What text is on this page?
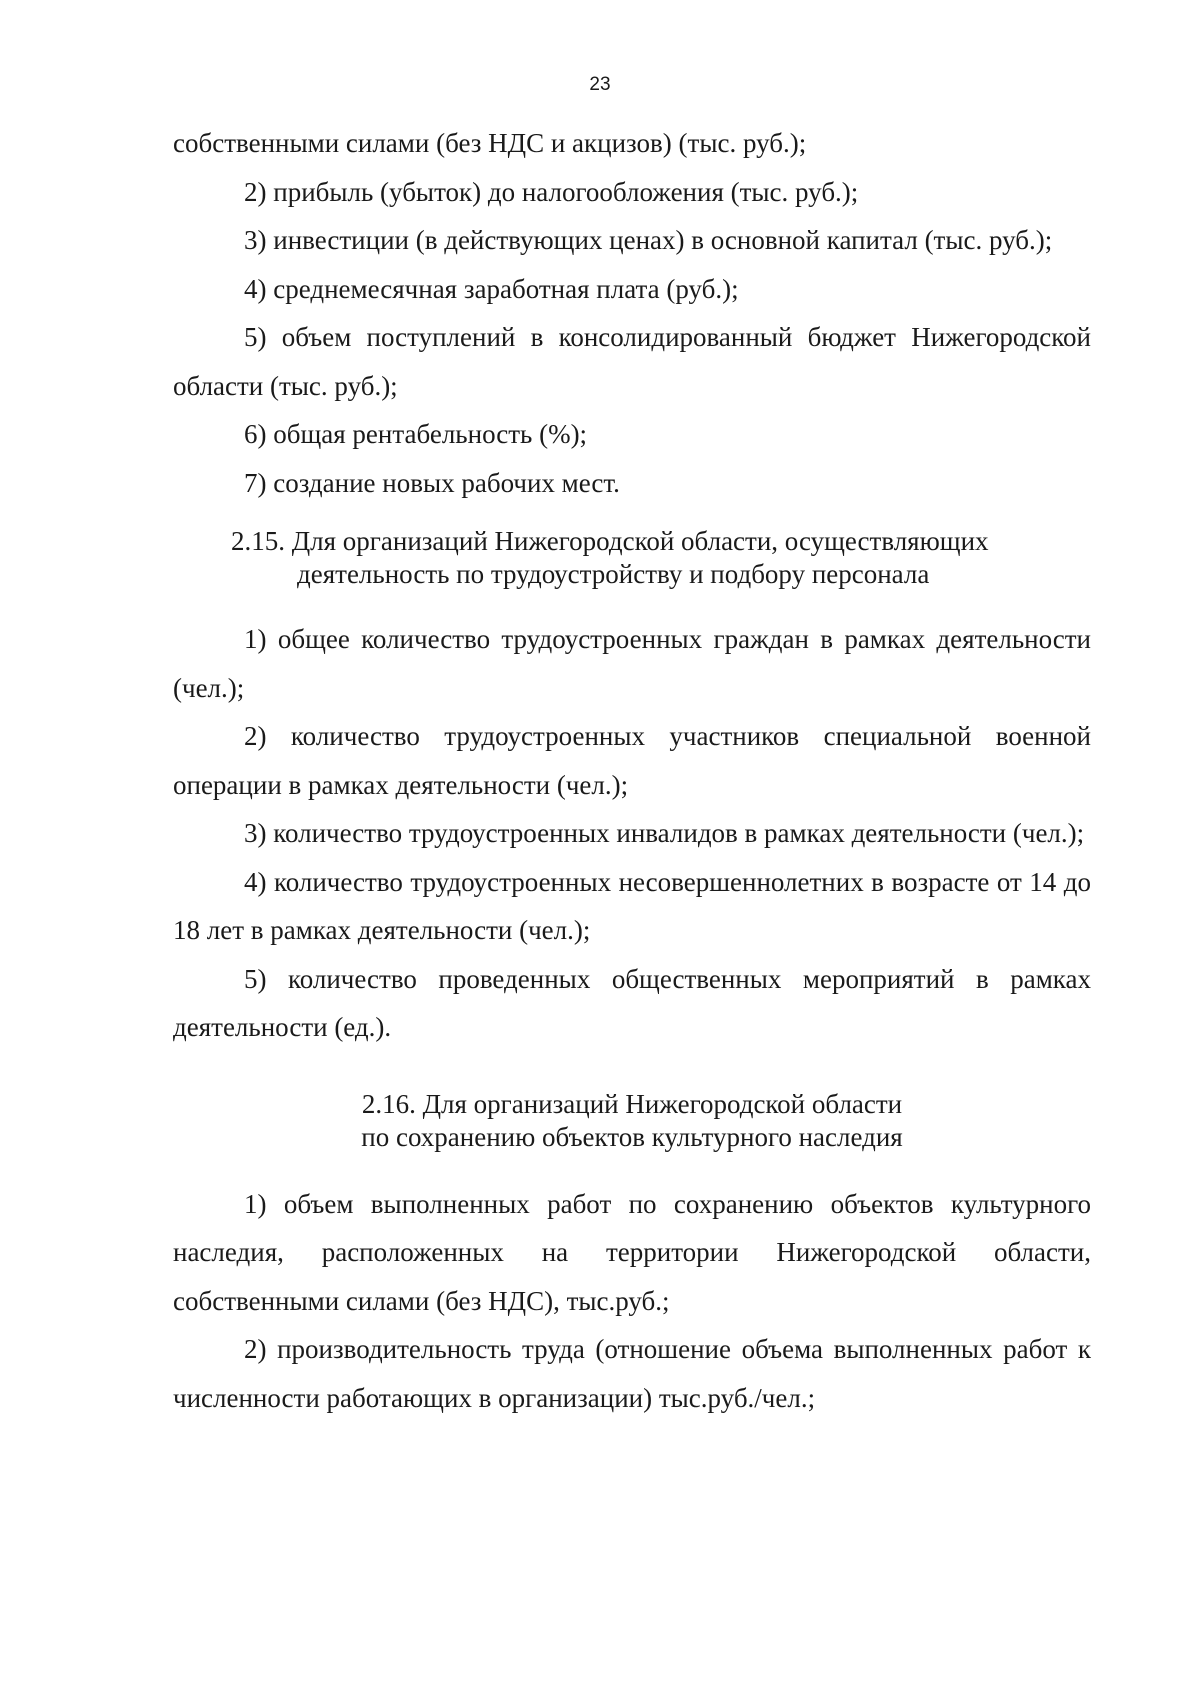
23

собственными силами (без НДС и акцизов) (тыс. руб.);

2) прибыль (убыток) до налогообложения (тыс. руб.);

3) инвестиции (в действующих ценах) в основной капитал (тыс. руб.);

4) среднемесячная заработная плата (руб.);

5) объем поступлений в консолидированный бюджет Нижегородской области (тыс. руб.);

6) общая рентабельность (%);

7) создание новых рабочих мест.

2.15. Для организаций Нижегородской области, осуществляющих
деятельность по трудоустройству и подбору персонала

1) общее количество трудоустроенных граждан в рамках деятельности (чел.);

2) количество трудоустроенных участников специальной военной операции в рамках деятельности (чел.);

3) количество трудоустроенных инвалидов в рамках деятельности (чел.);

4) количество трудоустроенных несовершеннолетних в возрасте от 14 до 18 лет в рамках деятельности (чел.);

5) количество проведенных общественных мероприятий в рамках деятельности (ед.).

2.16. Для организаций Нижегородской области
по сохранению объектов культурного наследия

1) объем выполненных работ по сохранению объектов культурного наследия, расположенных на территории Нижегородской области, собственными силами (без НДС), тыс.руб.;

2) производительность труда (отношение объема выполненных работ к численности работающих в организации) тыс.руб./чел.;
